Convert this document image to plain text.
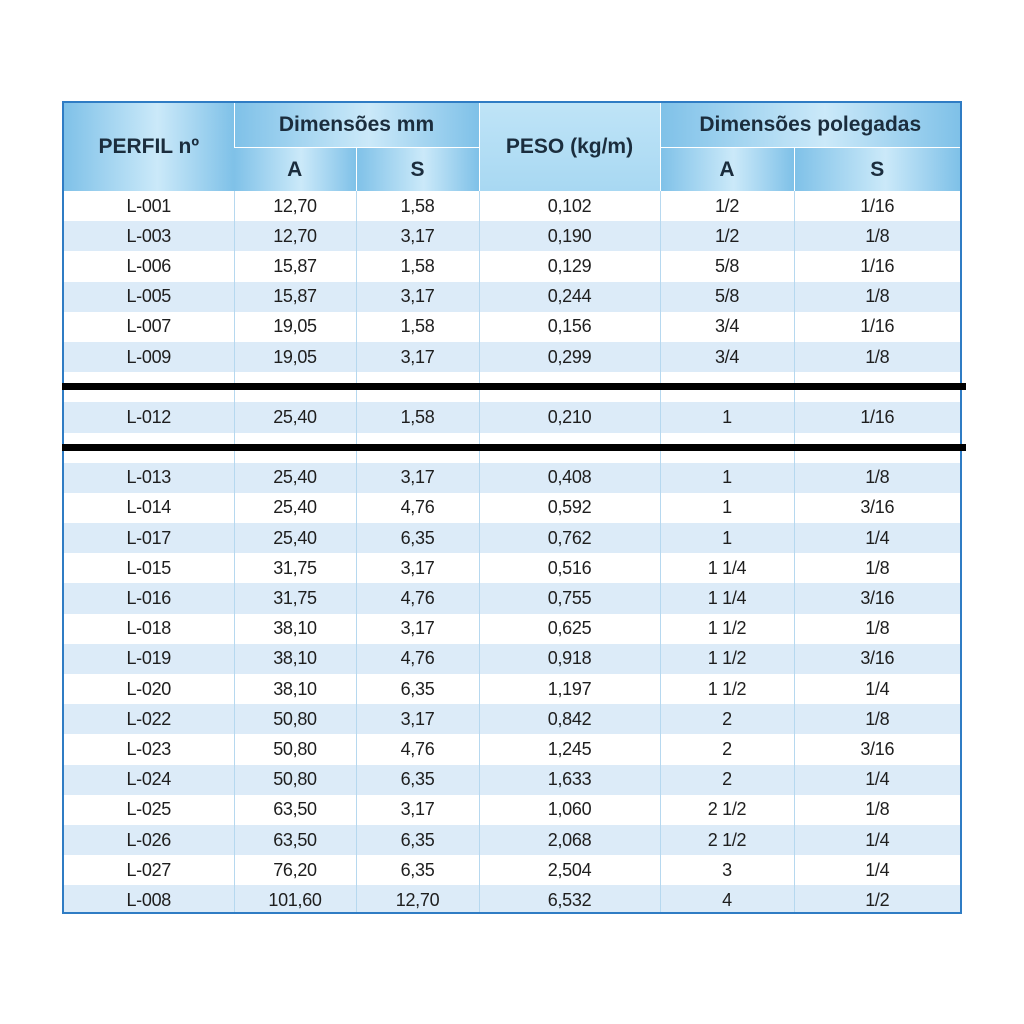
PERFIL nº	Dimensões mm		PESO (kg/m)	Dimensões polegadas	
	A	S		A	S
L-001	12,70	1,58	0,102	1/2	1/16
L-003	12,70	3,17	0,190	1/2	1/8
L-006	15,87	1,58	0,129	5/8	1/16
L-005	15,87	3,17	0,244	5/8	1/8
L-007	19,05	1,58	0,156	3/4	1/16
L-009	19,05	3,17	0,299	3/4	1/8

L-012	25,40	1,58	0,210	1	1/16

L-013	25,40	3,17	0,408	1	1/8
L-014	25,40	4,76	0,592	1	3/16
L-017	25,40	6,35	0,762	1	1/4
L-015	31,75	3,17	0,516	1 1/4	1/8
L-016	31,75	4,76	0,755	1 1/4	3/16
L-018	38,10	3,17	0,625	1 1/2	1/8
L-019	38,10	4,76	0,918	1 1/2	3/16
L-020	38,10	6,35	1,197	1 1/2	1/4
L-022	50,80	3,17	0,842	2	1/8
L-023	50,80	4,76	1,245	2	3/16
L-024	50,80	6,35	1,633	2	1/4
L-025	63,50	3,17	1,060	2 1/2	1/8
L-026	63,50	6,35	2,068	2 1/2	1/4
L-027	76,20	6,35	2,504	3	1/4
L-008	101,60	12,70	6,532	4	1/2
